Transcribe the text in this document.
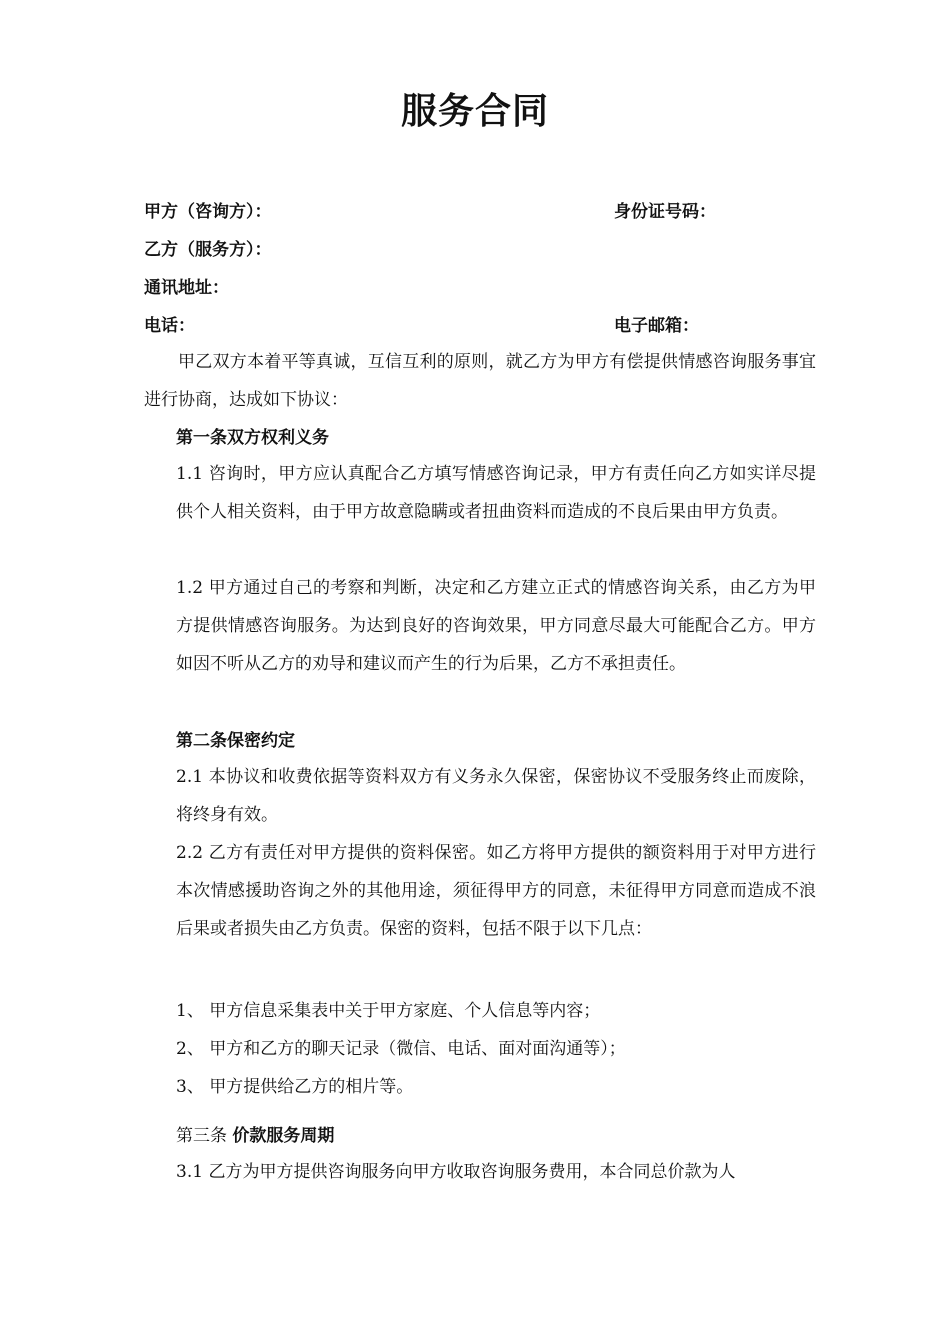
服务合同
甲方（咨询方）：	身份证号码：
乙方（服务方）：
通讯地址：
电话：	电子邮箱：
甲乙双方本着平等真诚，互信互利的原则，就乙方为甲方有偿提供情感咨询服务事宜进行协商，达成如下协议：
第一条双方权利义务
1.1 咨询时，甲方应认真配合乙方填写情感咨询记录，甲方有责任向乙方如实详尽提供个人相关资料，由于甲方故意隐瞒或者扭曲资料而造成的不良后果由甲方负责。
1.2 甲方通过自己的考察和判断，决定和乙方建立正式的情感咨询关系，由乙方为甲方提供情感咨询服务。为达到良好的咨询效果，甲方同意尽最大可能配合乙方。甲方如因不听从乙方的劝导和建议而产生的行为后果，乙方不承担责任。
第二条保密约定
2.1 本协议和收费依据等资料双方有义务永久保密，保密协议不受服务终止而废除，将终身有效。
2.2 乙方有责任对甲方提供的资料保密。如乙方将甲方提供的额资料用于对甲方进行本次情感援助咨询之外的其他用途，须征得甲方的同意，未征得甲方同意而造成不浪后果或者损失由乙方负责。保密的资料，包括不限于以下几点：
1、 甲方信息采集表中关于甲方家庭、个人信息等内容；
2、 甲方和乙方的聊天记录（微信、电话、面对面沟通等）；
3、 甲方提供给乙方的相片等。
第三条 价款服务周期
3.1 乙方为甲方提供咨询服务向甲方收取咨询服务费用，本合同总价款为人
